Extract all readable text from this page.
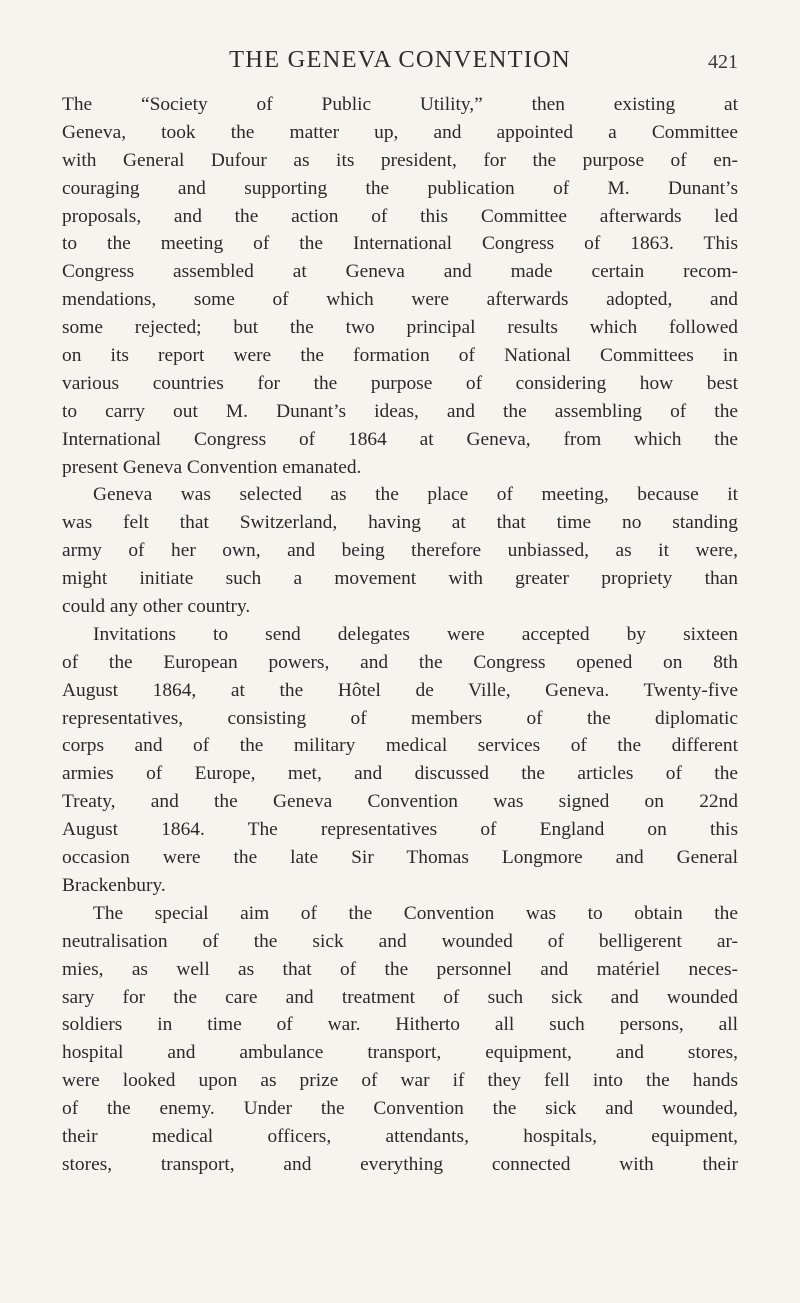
THE GENEVA CONVENTION	421
The “Society of Public Utility,” then existing at
Geneva, took the matter up, and appointed a Committee
with General Dufour as its president, for the purpose of en-
couraging and supporting the publication of M. Dunant’s
proposals, and the action of this Committee afterwards led
to the meeting of the International Congress of 1863. This
Congress assembled at Geneva and made certain recom-
mendations, some of which were afterwards adopted, and
some rejected; but the two principal results which followed
on its report were the formation of National Committees in
various countries for the purpose of considering how best
to carry out M. Dunant’s ideas, and the assembling of the
International Congress of 1864 at Geneva, from which the
present Geneva Convention emanated.
Geneva was selected as the place of meeting, because it
was felt that Switzerland, having at that time no standing
army of her own, and being therefore unbiassed, as it were,
might initiate such a movement with greater propriety than
could any other country.
Invitations to send delegates were accepted by sixteen
of the European powers, and the Congress opened on 8th
August 1864, at the Hôtel de Ville, Geneva. Twenty-five
representatives, consisting of members of the diplomatic
corps and of the military medical services of the different
armies of Europe, met, and discussed the articles of the
Treaty, and the Geneva Convention was signed on 22nd
August 1864. The representatives of England on this
occasion were the late Sir Thomas Longmore and General
Brackenbury.
The special aim of the Convention was to obtain the
neutralisation of the sick and wounded of belligerent ar-
mies, as well as that of the personnel and matériel neces-
sary for the care and treatment of such sick and wounded
soldiers in time of war. Hitherto all such persons, all
hospital and ambulance transport, equipment, and stores,
were looked upon as prize of war if they fell into the hands
of the enemy. Under the Convention the sick and wounded,
their medical officers, attendants, hospitals, equipment,
stores, transport, and everything connected with their
